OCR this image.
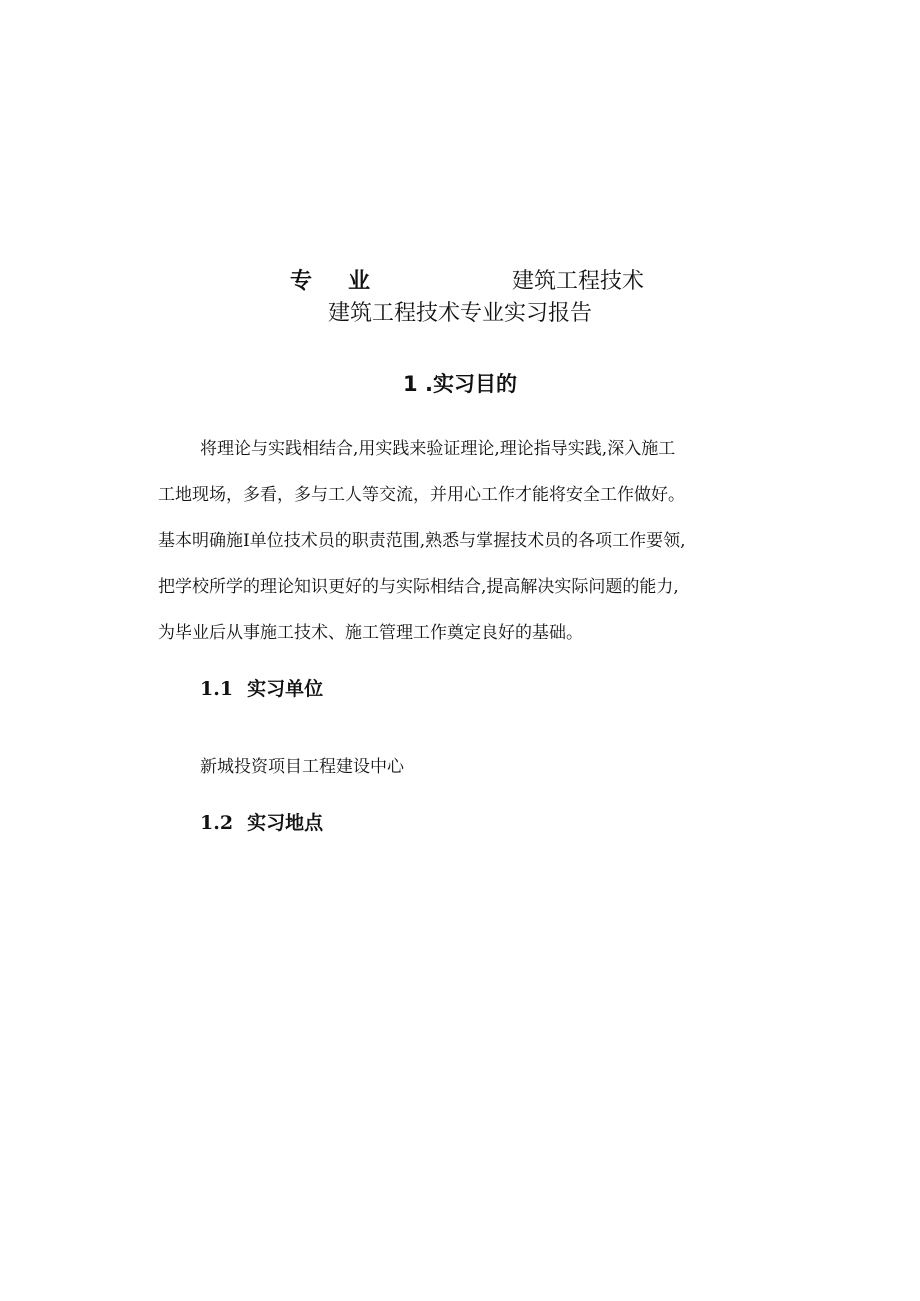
专业	建筑工程技术
建筑工程技术专业实习报告
1 .实习目的
将理论与实践相结合,用实践来验证理论,理论指导实践,深入施工
工地现场，多看，多与工人等交流，并用心工作才能将安全工作做好。
基本明确施I单位技术员的职责范围,熟悉与掌握技术员的各项工作要领,
把学校所学的理论知识更好的与实际相结合,提高解决实际问题的能力,
为毕业后从事施工技术、施工管理工作奠定良好的基础。
1.1 实习单位
新城投资项目工程建设中心
1.2 实习地点
